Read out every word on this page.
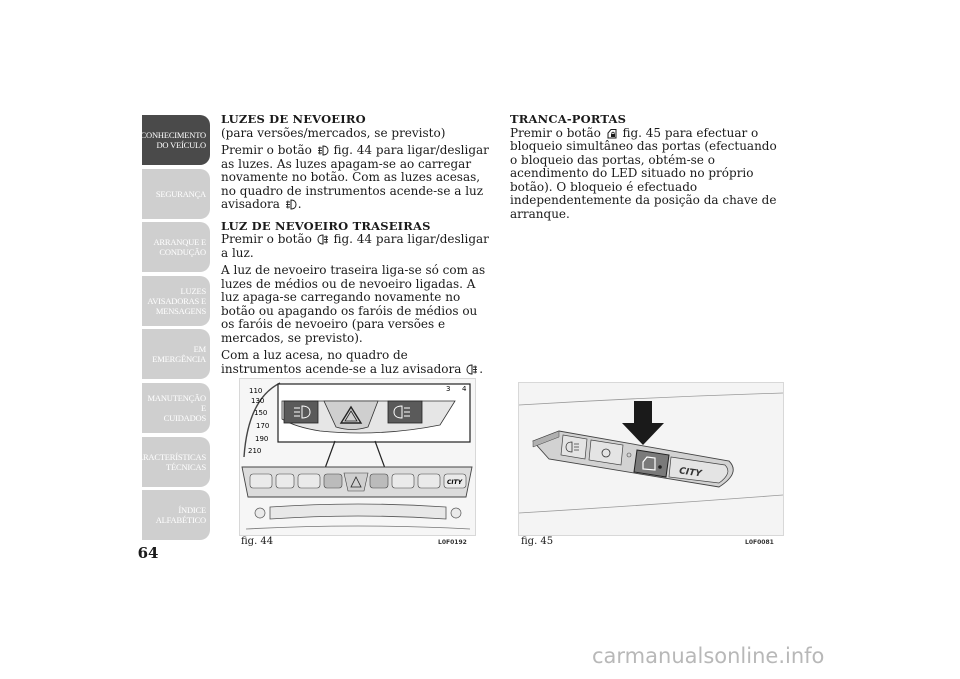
CONHECIMENTO
DO VEÍCULO
SEGURANÇA
ARRANQUE E
CONDUÇÃO
LUZES
AVISADORAS E
MENSAGENS
EM EMERGÊNCIA
MANUTENÇÃO E
CUIDADOS
CARACTERÍSTICAS
TÉCNICAS
ÍNDICE
ALFABÉTICO
64

LUZES DE NEVOEIRO

(para versões/mercados, se previsto)

Premir o botão fig. 44 para ligar/desligar as luzes. As luzes apagam-se ao carregar novamente no botão. Com as luzes acesas, no quadro de instrumentos acende-se a luz avisadora .

LUZ DE NEVOEIRO TRASEIRAS

Premir o botão fig. 44 para ligar/desligar a luz.

A luz de nevoeiro traseira liga-se só com as luzes de médios ou de nevoeiro ligadas. A luz apaga-se carregando novamente no botão ou apagando os faróis de médios ou os faróis de nevoeiro (para versões e mercados, se previsto).

Com a luz acesa, no quadro de instrumentos acende-se a luz avisadora .

TRANCA-PORTAS

Premir o botão fig. 45 para efectuar o bloqueio simultâneo das portas (efectuando o bloqueio das portas, obtém-se o acendimento do LED situado no próprio botão). O bloqueio é efectuado independentemente da posição da chave de arranque.

110
130
150
170
190
210
3 4
CITY
fig. 44	L0F0192
CITY
fig. 45	L0F0081
carmanualsonline.info
